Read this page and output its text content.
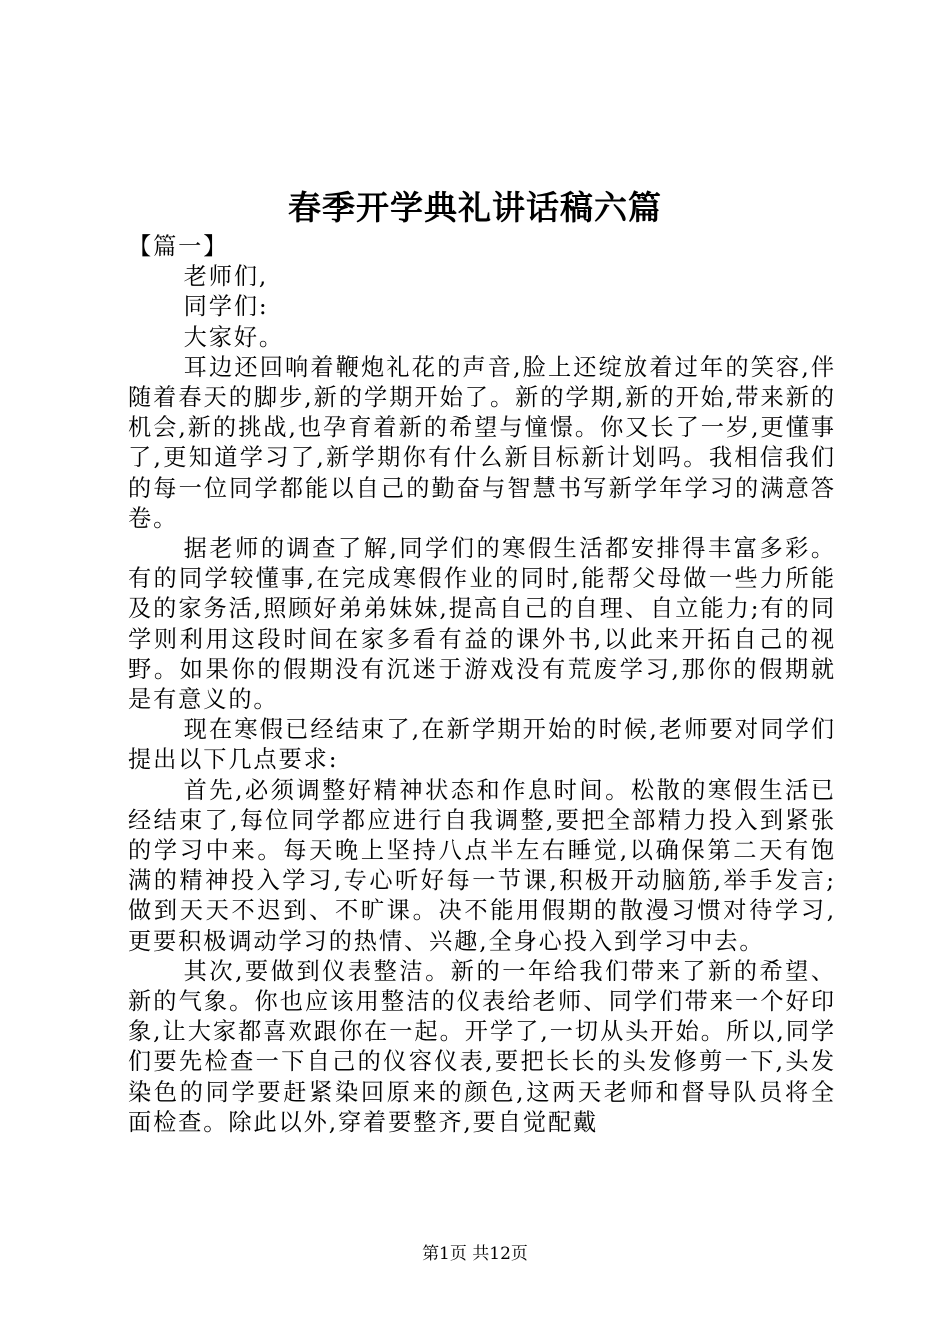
春季开学典礼讲话稿六篇

【篇一】

老师们,

同学们:

大家好。

耳边还回响着鞭炮礼花的声音,脸上还绽放着过年的笑容,伴随着春天的脚步,新的学期开始了。新的学期,新的开始,带来新的机会,新的挑战,也孕育着新的希望与憧憬。你又长了一岁,更懂事了,更知道学习了,新学期你有什么新目标新计划吗。我相信我们的每一位同学都能以自己的勤奋与智慧书写新学年学习的满意答卷。

据老师的调查了解,同学们的寒假生活都安排得丰富多彩。有的同学较懂事,在完成寒假作业的同时,能帮父母做一些力所能及的家务活,照顾好弟弟妹妹,提高自己的自理、自立能力;有的同学则利用这段时间在家多看有益的课外书,以此来开拓自己的视野。如果你的假期没有沉迷于游戏没有荒废学习,那你的假期就是有意义的。

现在寒假已经结束了,在新学期开始的时候,老师要对同学们提出以下几点要求:

首先,必须调整好精神状态和作息时间。松散的寒假生活已经结束了,每位同学都应进行自我调整,要把全部精力投入到紧张的学习中来。每天晚上坚持八点半左右睡觉,以确保第二天有饱满的精神投入学习,专心听好每一节课,积极开动脑筋,举手发言;做到天天不迟到、不旷课。决不能用假期的散漫习惯对待学习,更要积极调动学习的热情、兴趣,全身心投入到学习中去。

其次,要做到仪表整洁。新的一年给我们带来了新的希望、新的气象。你也应该用整洁的仪表给老师、同学们带来一个好印象,让大家都喜欢跟你在一起。开学了,一切从头开始。所以,同学们要先检查一下自己的仪容仪表,要把长长的头发修剪一下,头发染色的同学要赶紧染回原来的颜色,这两天老师和督导队员将全面检查。除此以外,穿着要整齐,要自觉配戴

第1页 共12页
